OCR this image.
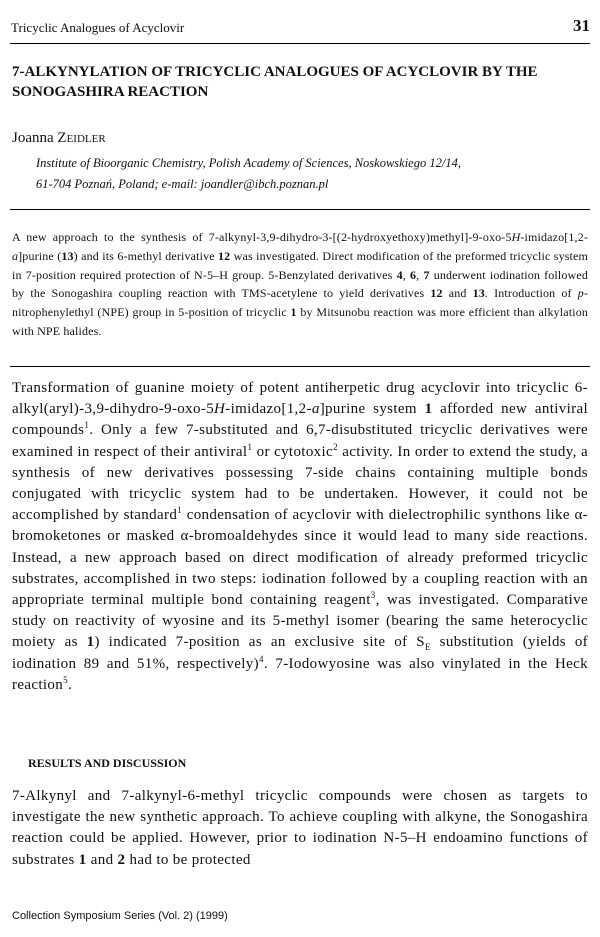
Tricyclic Analogues of Acyclovir	31
7-ALKYNYLATION OF TRICYCLIC ANALOGUES OF ACYCLOVIR BY THE SONOGASHIRA REACTION
Joanna Zeidler
Institute of Bioorganic Chemistry, Polish Academy of Sciences, Noskowskiego 12/14,
61-704 Poznań, Poland; e-mail: joandler@ibch.poznan.pl

A new approach to the synthesis of 7-alkynyl-3,9-dihydro-3-[(2-hydroxyethoxy)methyl]-9-oxo-5H-imidazo[1,2-a]purine (13) and its 6-methyl derivative 12 was investigated. Direct modification of the preformed tricyclic system in 7-position required protection of N-5–H group. 5-Benzylated derivatives 4, 6, 7 underwent iodination followed by the Sonogashira coupling reaction with TMS-acetylene to yield derivatives 12 and 13. Introduction of p-nitrophenylethyl (NPE) group in 5-position of tricyclic 1 by Mitsunobu reaction was more efficient than alkylation with NPE halides.

Transformation of guanine moiety of potent antiherpetic drug acyclovir into tricyclic 6-alkyl(aryl)-3,9-dihydro-9-oxo-5H-imidazo[1,2-a]purine system 1 afforded new antiviral compounds$^1$. Only a few 7-substituted and 6,7-disubstituted tricyclic derivatives were examined in respect of their antiviral$^1$ or cytotoxic$^2$ activity. In order to extend the study, a synthesis of new derivatives possessing 7-side chains containing multiple bonds conjugated with tricyclic system had to be undertaken. However, it could not be accomplished by standard$^1$ condensation of acyclovir with dielectrophilic synthons like α-bromoketones or masked α-bromoaldehydes since it would lead to many side reactions. Instead, a new approach based on direct modification of already preformed tricyclic substrates, accomplished in two steps: iodination followed by a coupling reaction with an appropriate terminal multiple bond containing reagent$^3$, was investigated. Comparative study on reactivity of wyosine and its 5-methyl isomer (bearing the same heterocyclic moiety as 1) indicated 7-position as an exclusive site of $S_E$ substitution (yields of iodination 89 and 51%, respectively)$^4$. 7-Iodowyosine was also vinylated in the Heck reaction$^5$.

RESULTS AND DISCUSSION

7-Alkynyl and 7-alkynyl-6-methyl tricyclic compounds were chosen as targets to investigate the new synthetic approach. To achieve coupling with alkyne, the Sonogashira reaction could be applied. However, prior to iodination N-5–H endoamino functions of substrates 1 and 2 had to be protected

Collection Symposium Series (Vol. 2) (1999)
